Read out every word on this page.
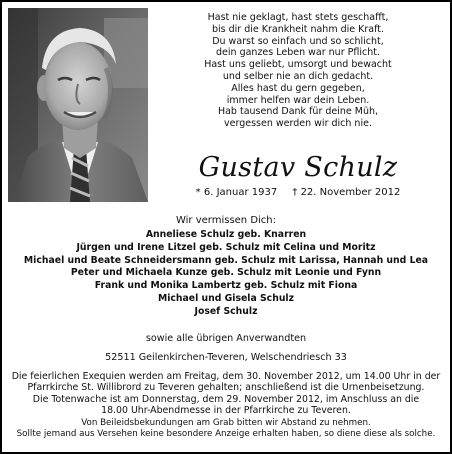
Hast nie geklagt, hast stets geschafft,
bis dir die Krankheit nahm die Kraft.
Du warst so einfach und so schlicht,
dein ganzes Leben war nur Pflicht.
Hast uns geliebt, umsorgt und bewacht
und selber nie an dich gedacht.
Alles hast du gern gegeben,
immer helfen war dein Leben.
Hab tausend Dank für deine Müh,
vergessen werden wir dich nie.
Gustav Schulz
* 6. Januar 1937 † 22. November 2012
Wir vermissen Dich:
Anneliese Schulz geb. Knarren
Jürgen und Irene Litzel geb. Schulz mit Celina und Moritz
Michael und Beate Schneidersmann geb. Schulz mit Larissa, Hannah und Lea
Peter und Michaela Kunze geb. Schulz mit Leonie und Fynn
Frank und Monika Lambertz geb. Schulz mit Fiona
Michael und Gisela Schulz
Josef Schulz
sowie alle übrigen Anverwandten
52511 Geilenkirchen-Teveren, Welschendriesch 33
Die feierlichen Exequien werden am Freitag, dem 30. November 2012, um 14.00 Uhr in der
Pfarrkirche St. Willibrord zu Teveren gehalten; anschließend ist die Urnenbeisetzung.
Die Totenwache ist am Donnerstag, dem 29. November 2012, im Anschluss an die
18.00 Uhr-Abendmesse in der Pfarrkirche zu Teveren.
Von Beileidsbekundungen am Grab bitten wir Abstand zu nehmen.
Sollte jemand aus Versehen keine besondere Anzeige erhalten haben, so diene diese als solche.
